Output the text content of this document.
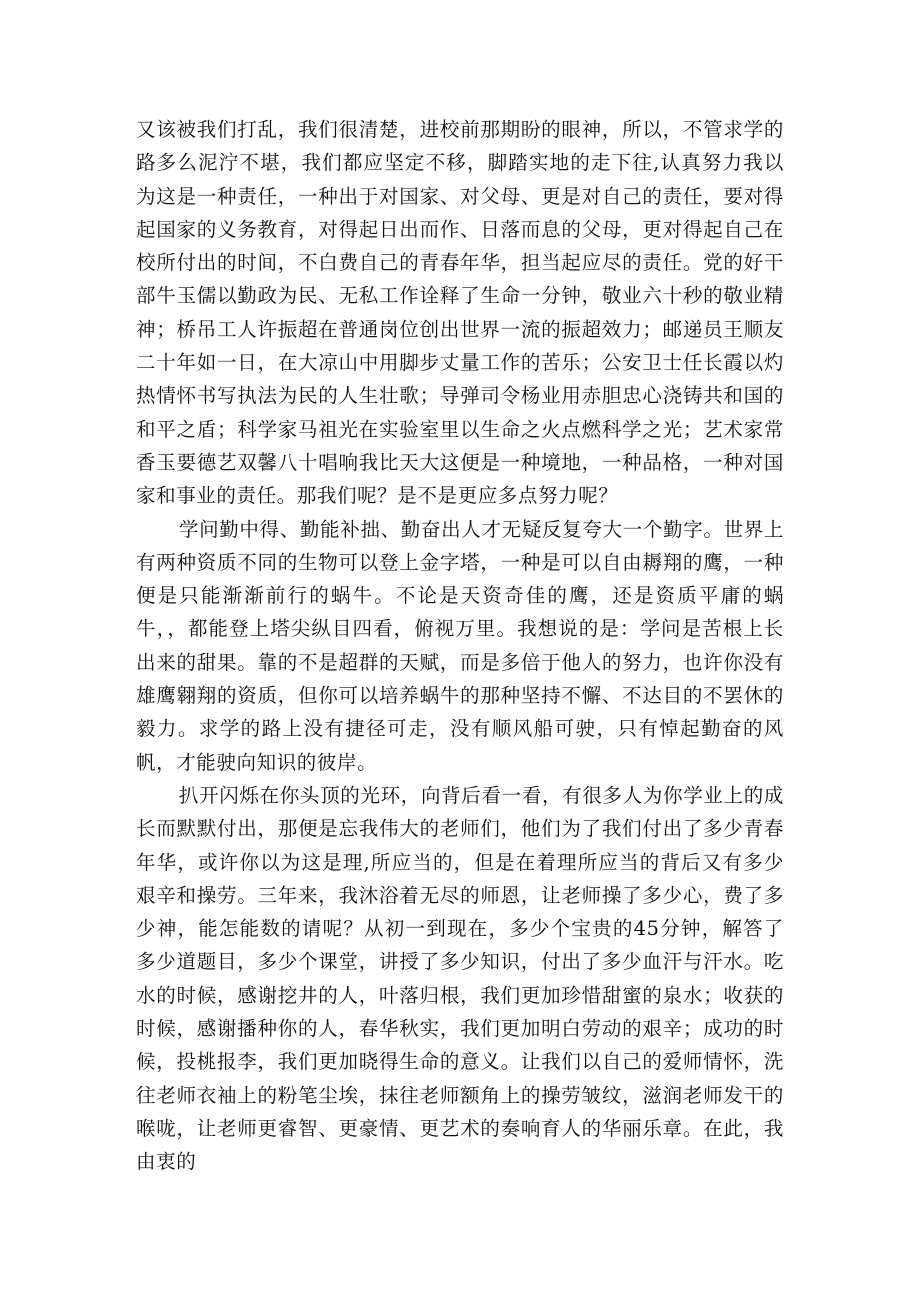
又该被我们打乱，我们很清楚，进校前那期盼的眼神，所以，不管求学的路多么泥泞不堪，我们都应坚定不移，脚踏实地的走下往,认真努力我以为这是一种责任，一种出于对国家、对父母、更是对自己的责任，要对得起国家的义务教育，对得起日出而作、日落而息的父母，更对得起自己在校所付出的时间，不白费自己的青春年华，担当起应尽的责任。党的好干部牛玉儒以勤政为民、无私工作诠释了生命一分钟，敬业六十秒的敬业精神；桥吊工人许振超在普通岗位创出世界一流的振超效力；邮递员王顺友二十年如一日，在大凉山中用脚步丈量工作的苦乐；公安卫士任长霞以灼热情怀书写执法为民的人生壮歌；导弹司令杨业用赤胆忠心浇铸共和国的和平之盾；科学家马祖光在实验室里以生命之火点燃科学之光；艺术家常香玉要德艺双馨八十唱响我比天大这便是一种境地，一种品格，一种对国家和事业的责任。那我们呢？是不是更应多点努力呢？

学问勤中得、勤能补拙、勤奋出人才无疑反复夸大一个勤字。世界上有两种资质不同的生物可以登上金字塔，一种是可以自由耨翔的鹰，一种便是只能渐渐前行的蜗牛。不论是天资奇佳的鹰，还是资质平庸的蜗牛，，都能登上塔尖纵目四看，俯视万里。我想说的是：学问是苦根上长出来的甜果。靠的不是超群的天赋，而是多倍于他人的努力，也许你没有雄鹰翱翔的资质，但你可以培养蜗牛的那种坚持不懈、不达目的不罢休的毅力。求学的路上没有捷径可走，没有顺风船可驶，只有悼起勤奋的风帆，才能驶向知识的彼岸。

扒开闪烁在你头顶的光环，向背后看一看，有很多人为你学业上的成长而默默付出，那便是忘我伟大的老师们，他们为了我们付出了多少青春年华，或许你以为这是理,所应当的，但是在着理所应当的背后又有多少艰辛和操劳。三年来，我沐浴着无尽的师恩，让老师操了多少心，费了多少神，能怎能数的请呢？从初一到现在，多少个宝贵的45分钟，解答了多少道题目，多少个课堂，讲授了多少知识，付出了多少血汗与汗水。吃水的时候，感谢挖井的人，叶落归根，我们更加珍惜甜蜜的泉水；收获的时候，感谢播种你的人，春华秋实，我们更加明白劳动的艰辛；成功的时候，投桃报李，我们更加晓得生命的意义。让我们以自己的爱师情怀，洗往老师衣袖上的粉笔尘埃，抹往老师额角上的操劳皱纹，滋润老师发干的喉咙，让老师更睿智、更豪情、更艺术的奏响育人的华丽乐章。在此，我由衷的
